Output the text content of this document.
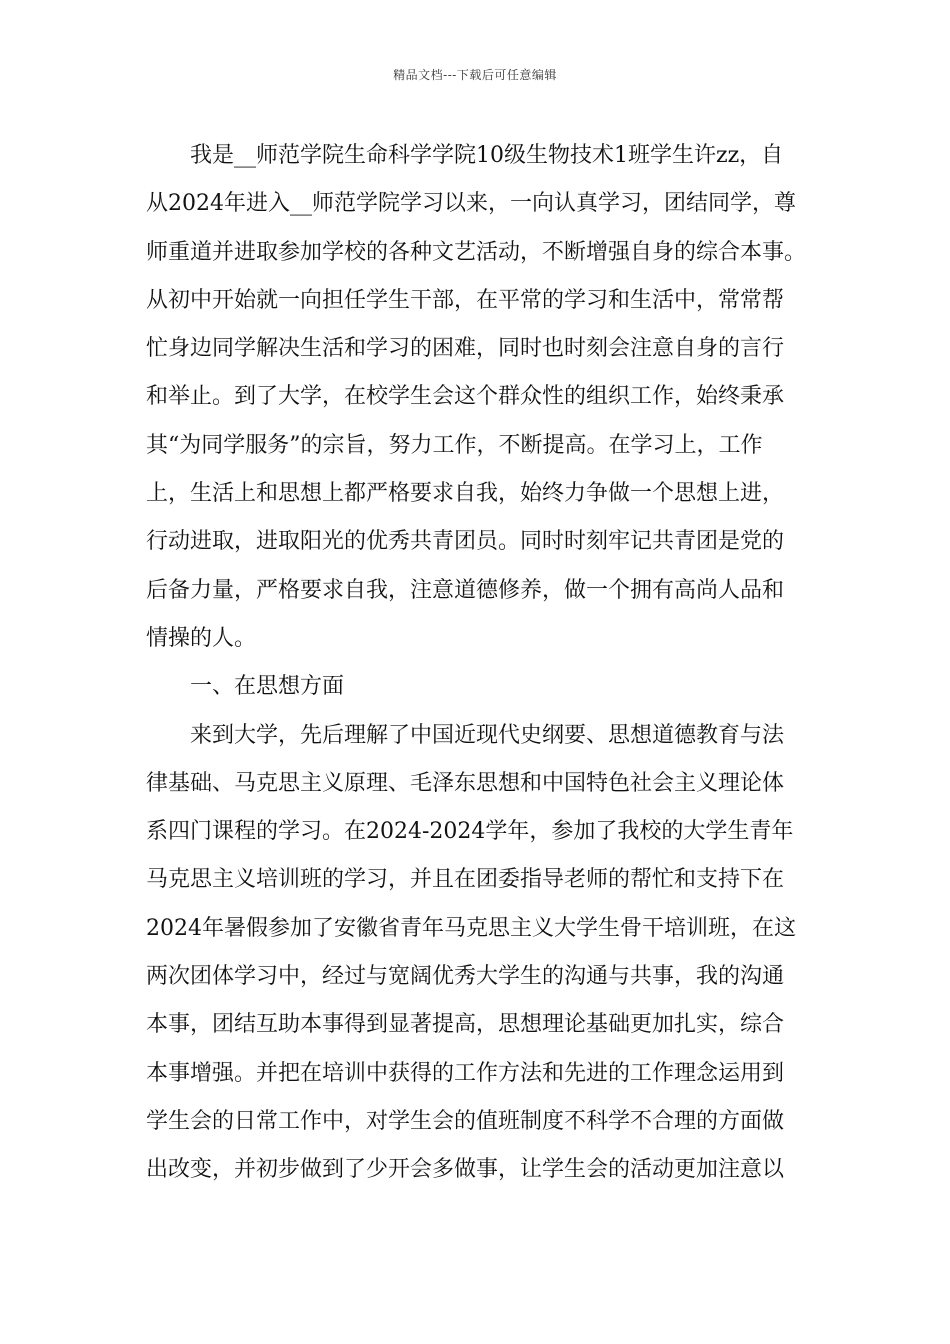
精品文档---下载后可任意编辑
我是__师范学院生命科学学院10级生物技术1班学生许zz，自
从2024年进入__师范学院学习以来，一向认真学习，团结同学，尊
师重道并进取参加学校的各种文艺活动，不断增强自身的综合本事。
从初中开始就一向担任学生干部，在平常的学习和生活中，常常帮
忙身边同学解决生活和学习的困难，同时也时刻会注意自身的言行
和举止。到了大学，在校学生会这个群众性的组织工作，始终秉承
其“为同学服务”的宗旨，努力工作，不断提高。在学习上，工作
上，生活上和思想上都严格要求自我，始终力争做一个思想上进，
行动进取，进取阳光的优秀共青团员。同时时刻牢记共青团是党的
后备力量，严格要求自我，注意道德修养，做一个拥有高尚人品和
情操的人。
一、在思想方面
来到大学，先后理解了中国近现代史纲要、思想道德教育与法
律基础、马克思主义原理、毛泽东思想和中国特色社会主义理论体
系四门课程的学习。在2024-2024学年，参加了我校的大学生青年
马克思主义培训班的学习，并且在团委指导老师的帮忙和支持下在
2024年暑假参加了安徽省青年马克思主义大学生骨干培训班，在这
两次团体学习中，经过与宽阔优秀大学生的沟通与共事，我的沟通
本事，团结互助本事得到显著提高，思想理论基础更加扎实，综合
本事增强。并把在培训中获得的工作方法和先进的工作理念运用到
学生会的日常工作中，对学生会的值班制度不科学不合理的方面做
出改变，并初步做到了少开会多做事，让学生会的活动更加注意以
